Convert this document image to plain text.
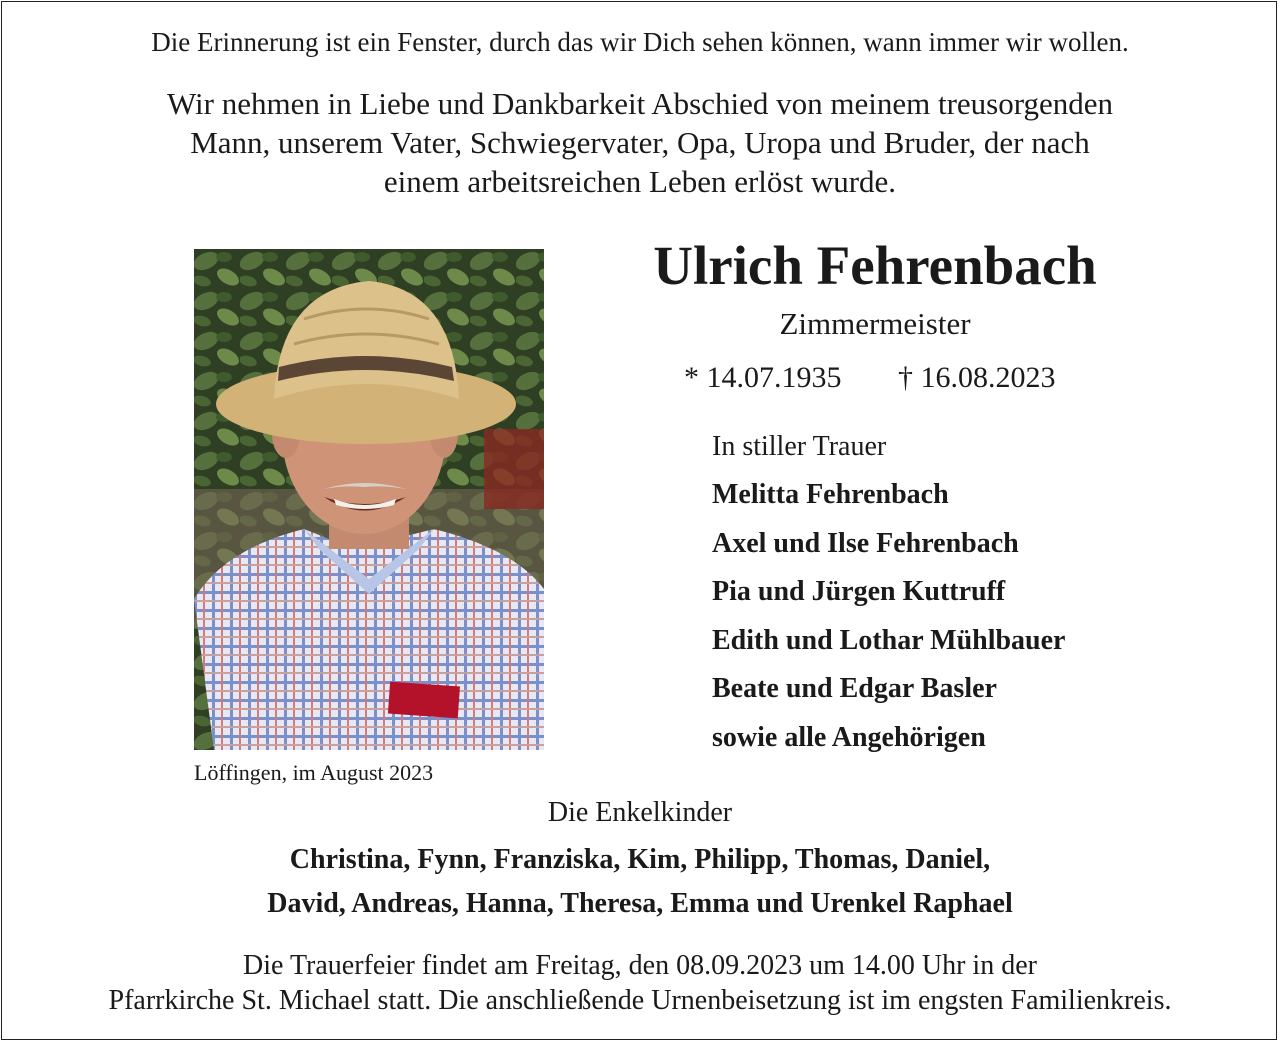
Die Erinnerung ist ein Fenster, durch das wir Dich sehen können, wann immer wir wollen.
Wir nehmen in Liebe und Dankbarkeit Abschied von meinem treusorgenden
Mann, unserem Vater, Schwiegervater, Opa, Uropa und Bruder, der nach
einem arbeitsreichen Leben erlöst wurde.
Löffingen, im August 2023
Ulrich Fehrenbach
Zimmermeister
* 14.07.1935 † 16.08.2023
In stiller Trauer
Melitta Fehrenbach
Axel und Ilse Fehrenbach
Pia und Jürgen Kuttruff
Edith und Lothar Mühlbauer
Beate und Edgar Basler
sowie alle Angehörigen
Die Enkelkinder
Christina, Fynn, Franziska, Kim, Philipp, Thomas, Daniel,
David, Andreas, Hanna, Theresa, Emma und Urenkel Raphael
Die Trauerfeier findet am Freitag, den 08.09.2023 um 14.00 Uhr in der
Pfarrkirche St. Michael statt. Die anschließende Urnenbeisetzung ist im engsten Familienkreis.
